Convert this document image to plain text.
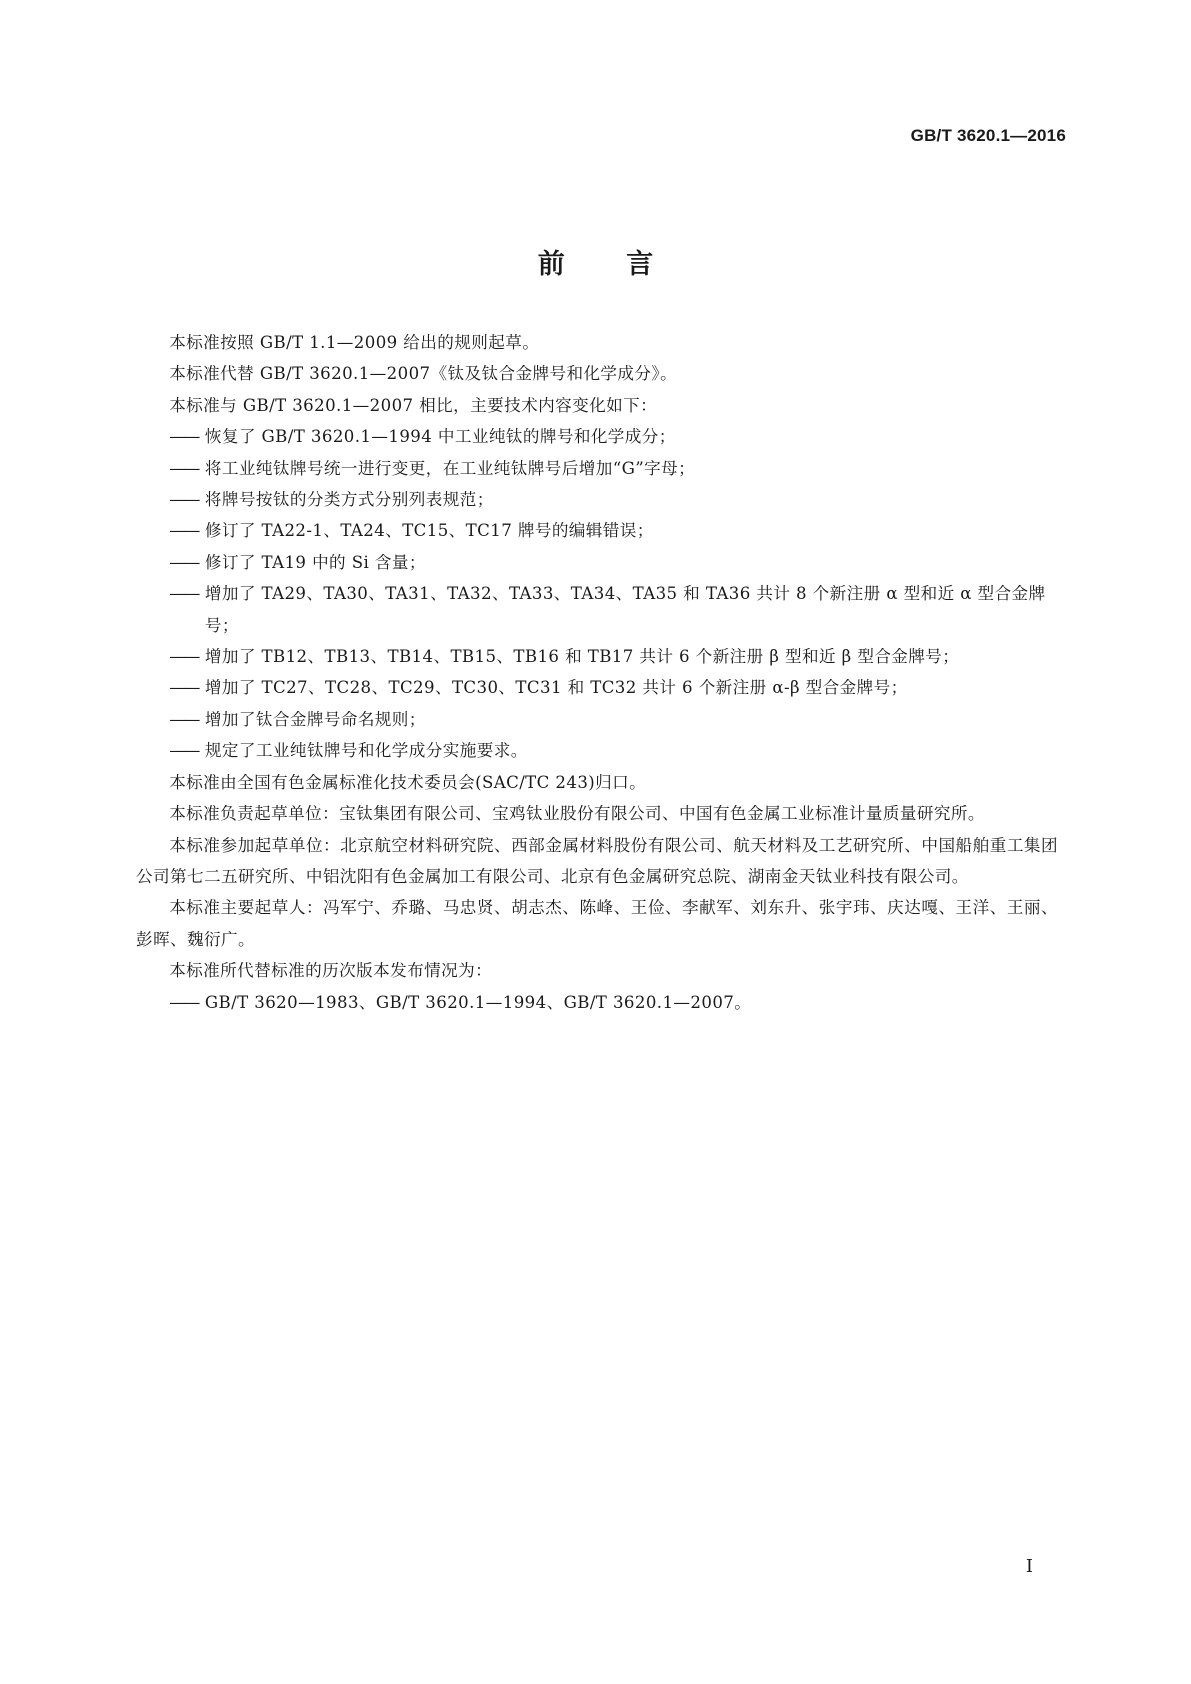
GB/T 3620.1—2016
前 言

本标准按照 GB/T 1.1—2009 给出的规则起草。

本标准代替 GB/T 3620.1—2007《钛及钛合金牌号和化学成分》。

本标准与 GB/T 3620.1—2007 相比，主要技术内容变化如下：

—— 恢复了 GB/T 3620.1—1994 中工业纯钛的牌号和化学成分；
—— 将工业纯钛牌号统一进行变更，在工业纯钛牌号后增加“G”字母；
—— 将牌号按钛的分类方式分别列表规范；
—— 修订了 TA22-1、TA24、TC15、TC17 牌号的编辑错误；
—— 修订了 TA19 中的 Si 含量；
—— 增加了 TA29、TA30、TA31、TA32、TA33、TA34、TA35 和 TA36 共计 8 个新注册 α 型和近 α 型合金牌号；
—— 增加了 TB12、TB13、TB14、TB15、TB16 和 TB17 共计 6 个新注册 β 型和近 β 型合金牌号；
—— 增加了 TC27、TC28、TC29、TC30、TC31 和 TC32 共计 6 个新注册 α-β 型合金牌号；
—— 增加了钛合金牌号命名规则；
—— 规定了工业纯钛牌号和化学成分实施要求。

本标准由全国有色金属标准化技术委员会(SAC/TC 243)归口。

本标准负责起草单位：宝钛集团有限公司、宝鸡钛业股份有限公司、中国有色金属工业标准计量质量研究所。

本标准参加起草单位：北京航空材料研究院、西部金属材料股份有限公司、航天材料及工艺研究所、中国船舶重工集团公司第七二五研究所、中铝沈阳有色金属加工有限公司、北京有色金属研究总院、湖南金天钛业科技有限公司。

本标准主要起草人：冯军宁、乔璐、马忠贤、胡志杰、陈峰、王俭、李献军、刘东升、张宇玮、庆达嘎、王洋、王丽、彭晖、魏衍广。

本标准所代替标准的历次版本发布情况为：

—— GB/T 3620—1983、GB/T 3620.1—1994、GB/T 3620.1—2007。
I
